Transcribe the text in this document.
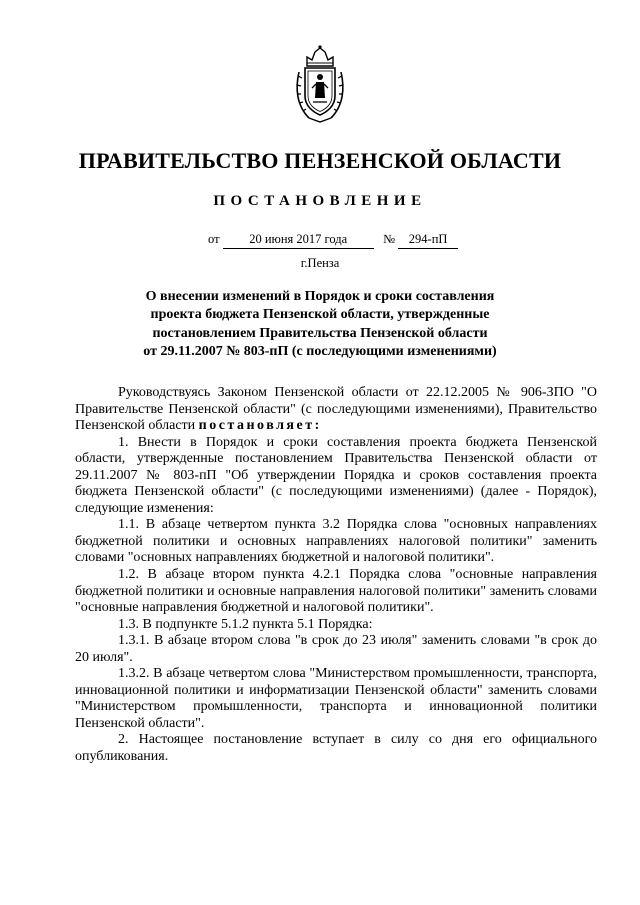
ПРАВИТЕЛЬСТВО ПЕНЗЕНСКОЙ ОБЛАСТИ
ПОСТАНОВЛЕНИЕ
от 20 июня 2017 года	№ 294-пП
г.Пенза
О внесении изменений в Порядок и сроки составления
проекта бюджета Пензенской области, утвержденные
постановлением Правительства Пензенской области
от 29.11.2007 № 803-пП (с последующими изменениями)

Руководствуясь Законом Пензенской области от 22.12.2005 № 906-ЗПО "О Правительстве Пензенской области" (с последующими изменениями), Правительство Пензенской области постановляет:

1. Внести в Порядок и сроки составления проекта бюджета Пензенской области, утвержденные постановлением Правительства Пензенской области от 29.11.2007 № 803-пП "Об утверждении Порядка и сроков составления проекта бюджета Пензенской области" (с последующими изменениями) (далее - Порядок), следующие изменения:

1.1. В абзаце четвертом пункта 3.2 Порядка слова "основных направлениях бюджетной политики и основных направлениях налоговой политики" заменить словами "основных направлениях бюджетной и налоговой политики".

1.2. В абзаце втором пункта 4.2.1 Порядка слова "основные направления бюджетной политики и основные направления налоговой политики" заменить словами "основные направления бюджетной и налоговой политики".

1.3. В подпункте 5.1.2 пункта 5.1 Порядка:

1.3.1. В абзаце втором слова "в срок до 23 июля" заменить словами "в срок до 20 июля".

1.3.2. В абзаце четвертом слова "Министерством промышленности, транспорта, инновационной политики и информатизации Пензенской области" заменить словами "Министерством промышленности, транспорта и инновационной политики Пензенской области".

2. Настоящее постановление вступает в силу со дня его официального опубликования.
